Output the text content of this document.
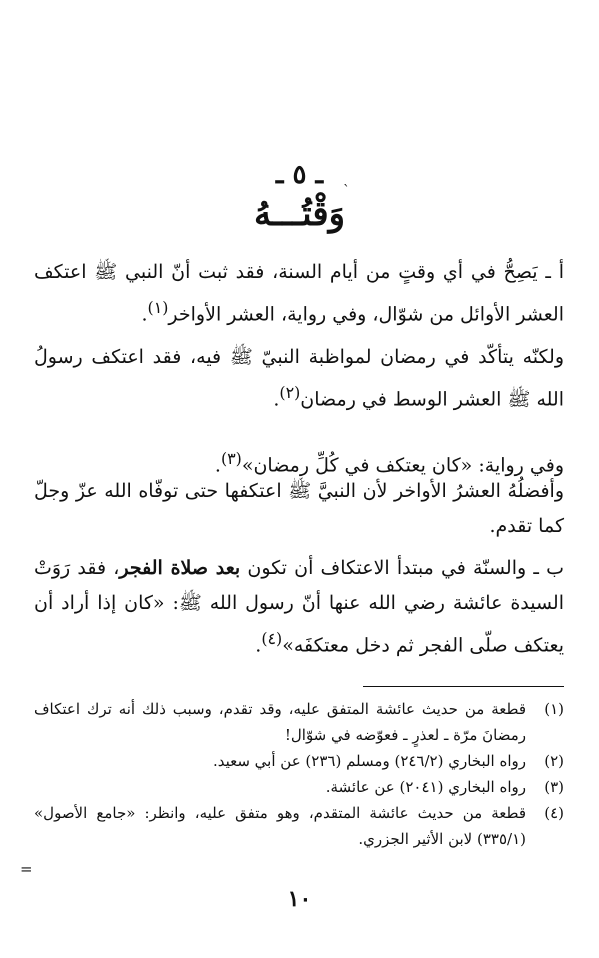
ـ ٥ ـ
`
وَقْتُـــهُ
أ ـ يَصِحُّ في أي وقتٍ من أيام السنة، فقد ثبت أنّ النبي ﷺ اعتكف العشر الأوائل من شوّال، وفي رواية، العشر الأواخر$^{(١)}$.
ولكنّه يتأكّد في رمضان لمواظبة النبيّ ﷺ فيه، فقد اعتكف رسولُ الله ﷺ العشر الوسط في رمضان$^{(٢)}$.
وفي رواية: «كان يعتكف في كُلِّ رمضان»$^{(٣)}$.
وأفضلُهُ العشرُ الأواخر لأن النبيَّ ﷺ اعتكفها حتى توفّاه الله عزّ وجلّ كما تقدم.
ب ـ والسنّة في مبتدأ الاعتكاف أن تكون بعد صلاة الفجر، فقد رَوَتْ السيدة عائشة رضي الله عنها أنّ رسول الله ﷺ: «كان إذا أراد أن يعتكف صلّى الفجر ثم دخل معتكفَه»$^{(٤)}$.
(١)
قطعة من حديث عائشة المتفق عليه، وقد تقدم، وسبب ذلك أنه ترك اعتكاف رمضانَ مرّة ـ لعذرٍ ـ فعوّضه في شوّال!
(٢)
رواه البخاري (٢٤٦/٢) ومسلم (٢٣٦) عن أبي سعيد.
(٣)
رواه البخاري (٢٠٤١) عن عائشة.
(٤)
قطعة من حديث عائشة المتقدم، وهو متفق عليه، وانظر: «جامع الأصول» (٣٣٥/١) لابن الأثير الجزري.
=
١٠
